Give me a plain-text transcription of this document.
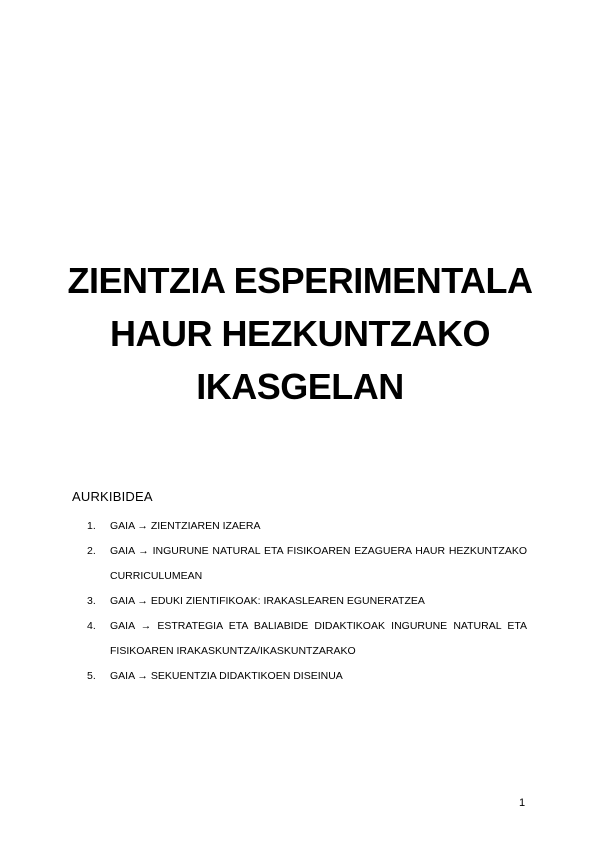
ZIENTZIA ESPERIMENTALA
HAUR HEZKUNTZAKO
IKASGELAN
AURKIBIDEA
1. GAIA → ZIENTZIAREN IZAERA
2. GAIA → INGURUNE NATURAL ETA FISIKOAREN EZAGUERA HAUR HEZKUNTZAKO CURRICULUMEAN
3. GAIA → EDUKI ZIENTIFIKOAK: IRAKASLEAREN EGUNERATZEA
4. GAIA → ESTRATEGIA ETA BALIABIDE DIDAKTIKOAK INGURUNE NATURAL ETA FISIKOAREN IRAKASKUNTZA/IKASKUNTZARAKO
5. GAIA → SEKUENTZIA DIDAKTIKOEN DISEINUA
1
